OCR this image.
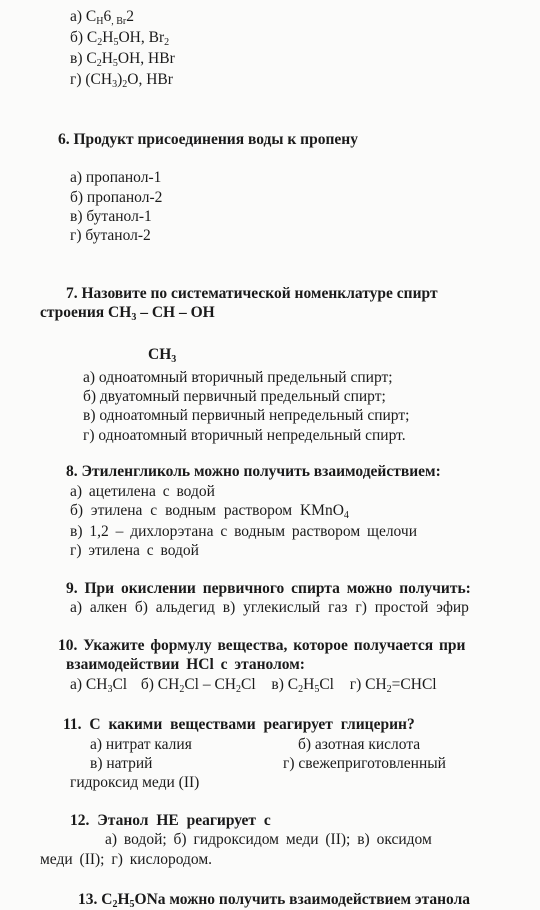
а) $C_H6_{, Br}2$
б) $C_2H_5OH$, $Br_2$
в) $C_2H_5OH$, HBr
г) $(CH_3)_2O$, HBr
6. Продукт присоединения воды к пропену
а) пропанол-1
б) пропанол-2
в) бутанол-1
г) бутанол-2
7. Назовите по систематической номенклатуре спирт
строения $CH_3$ – CH – OH
$CH_3$
а) одноатомный вторичный предельный спирт;
б) двуатомный первичный предельный спирт;
в) одноатомный первичный непредельный спирт;
г) одноатомный вторичный непредельный спирт.
8. Этиленгликоль можно получить взаимодействием:
а) ацетилена с водой
б) этилена с водным раствором KMnO$_4$
в) 1,2 – дихлорэтана с водным раствором щелочи
г) этилена с водой
9. При окислении первичного спирта можно получить:
а) алкен б) альдегид в) углекислый газ г) простой эфир
10. Укажите формулу вещества, которое получается при
взаимодействии HCl с этанолом:
а) $CH_3Cl$ б) $CH_2Cl - CH_2Cl$ в) $C_2H_5Cl$ г) $CH_2=CHCl$
11. С какими веществами реагирует глицерин?
а) нитрат калия	б) азотная кислота
в) натрий	г) свежеприготовленный
гидроксид меди (II)
12. Этанол НЕ реагирует с
а) водой; б) гидроксидом меди (II); в) оксидом
меди (II); г) кислородом.
13. $C_2H_5ONa$ можно получить взаимодействием этанола
